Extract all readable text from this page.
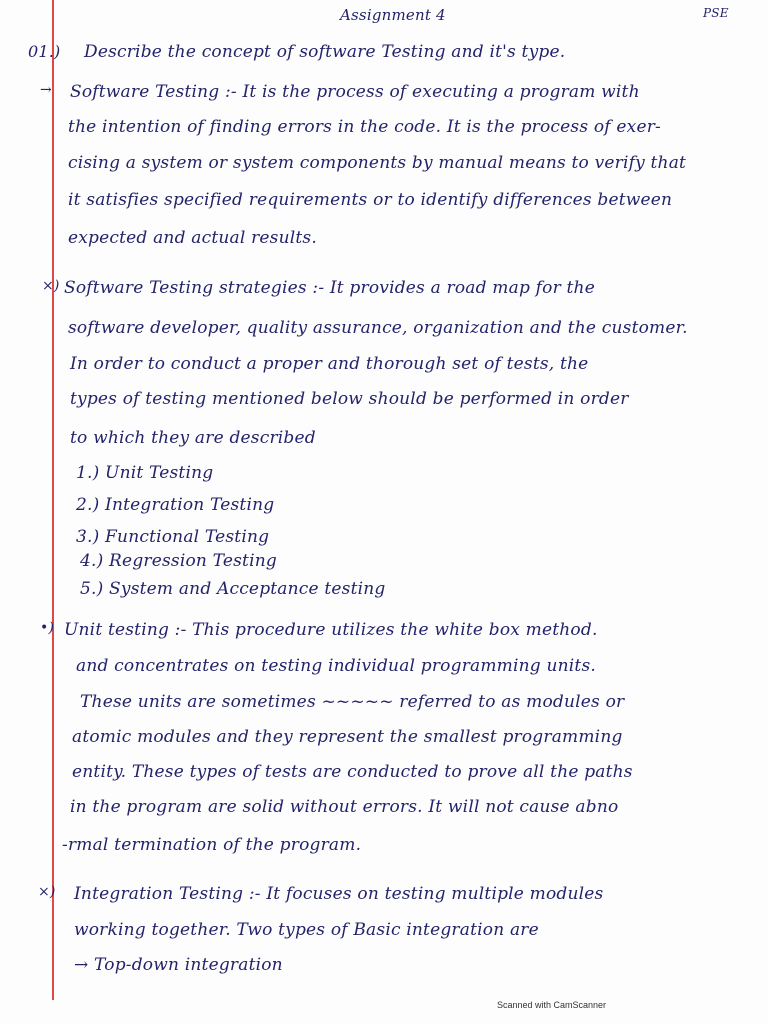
Assignment 4	PSE
01.) Describe the concept of software Testing and it's type.
→ Software Testing :- It is the process of executing a program with
the intention of finding errors in the code. It is the process of exer-
cising a system or system components by manual means to verify that
it satisfies specified requirements or to identify differences between
expected and actual results.
×) Software Testing strategies :- It provides a road map for the
software developer, quality assurance, organization and the customer.
In order to conduct a proper and thorough set of tests, the
types of testing mentioned below should be performed in order
to which they are described
1.) Unit Testing
2.) Integration Testing
3.) Functional Testing
4.) Regression Testing
5.) System and Acceptance testing
•) Unit testing :- This procedure utilizes the white box method.
and concentrates on testing individual programming units.
These units are sometimes ~~~~~ referred to as modules or
atomic modules and they represent the smallest programming
entity. These types of tests are conducted to prove all the paths
in the program are solid without errors. It will not cause abno
-rmal termination of the program.
×) Integration Testing :- It focuses on testing multiple modules
working together. Two types of Basic integration are
→ Top-down integration
Scanned with CamScanner
